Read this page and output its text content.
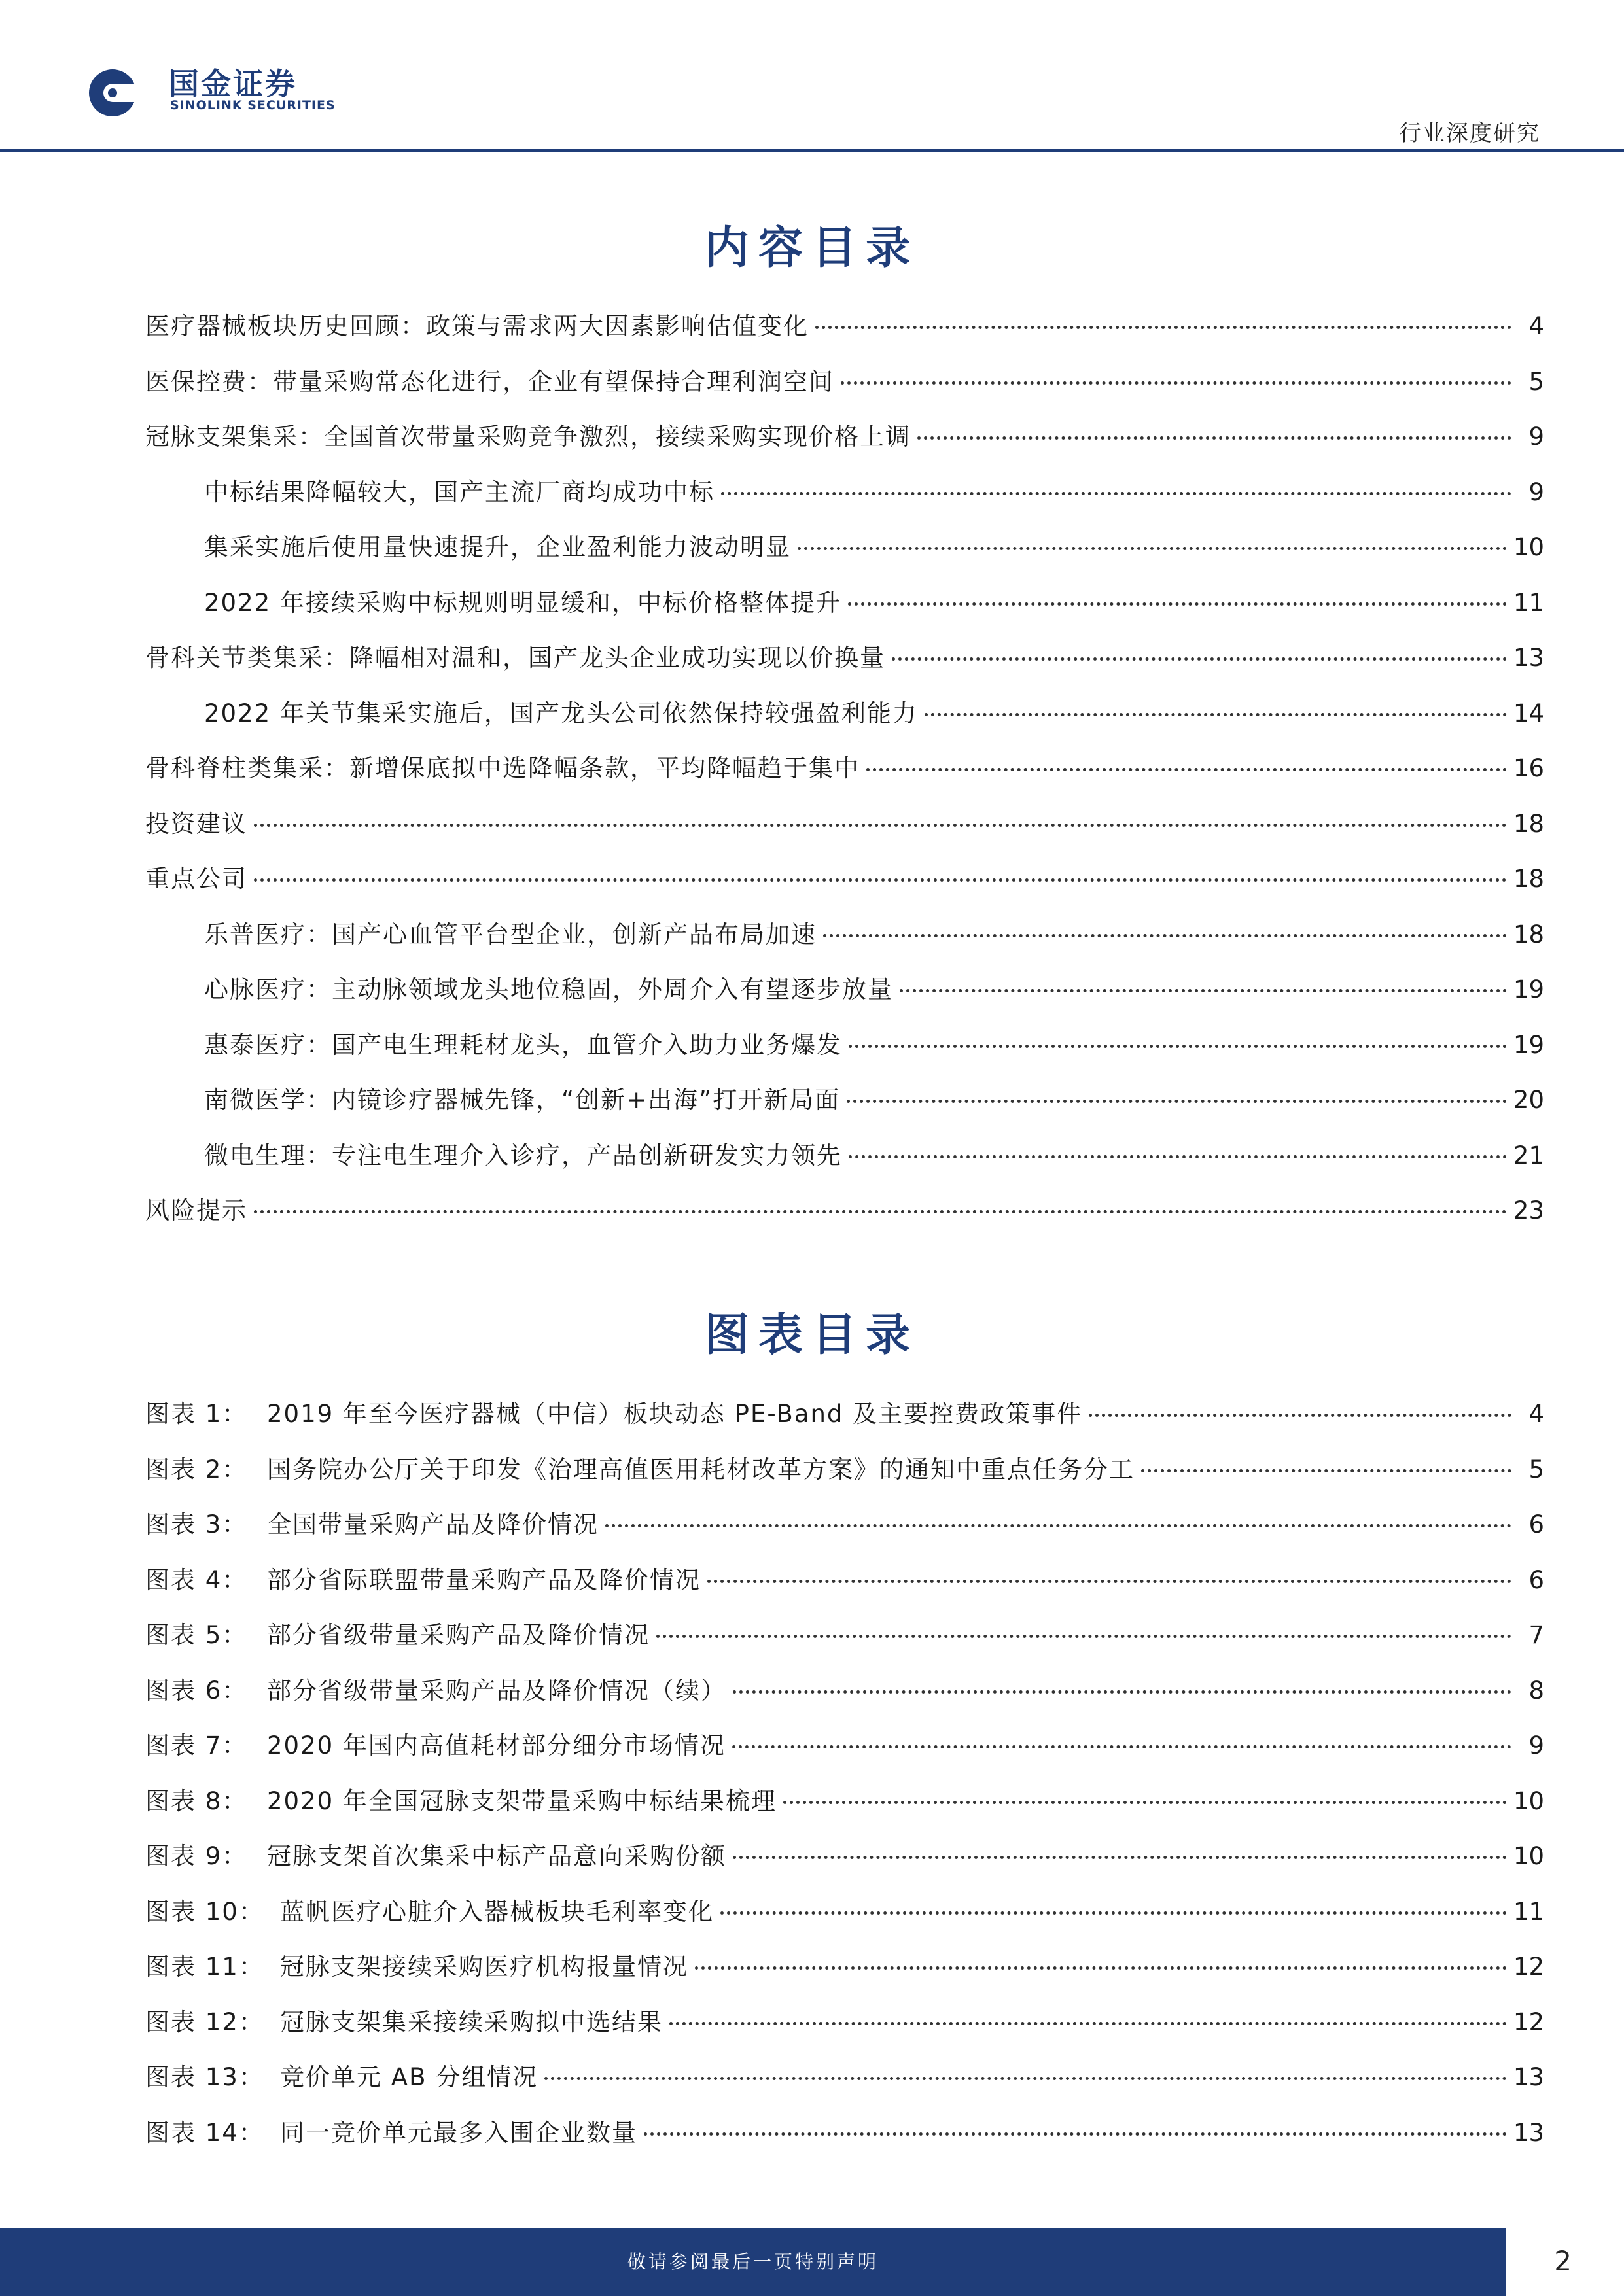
国金证券
SINOLINK SECURITIES
行业深度研究
内容目录
医疗器械板块历史回顾：政策与需求两大因素影响估值变化	4
医保控费：带量采购常态化进行，企业有望保持合理利润空间	5
冠脉支架集采：全国首次带量采购竞争激烈，接续采购实现价格上调	9
中标结果降幅较大，国产主流厂商均成功中标	9
集采实施后使用量快速提升，企业盈利能力波动明显	10
2022 年接续采购中标规则明显缓和，中标价格整体提升	11
骨科关节类集采：降幅相对温和，国产龙头企业成功实现以价换量	13
2022 年关节集采实施后，国产龙头公司依然保持较强盈利能力	14
骨科脊柱类集采：新增保底拟中选降幅条款，平均降幅趋于集中	16
投资建议	18
重点公司	18
乐普医疗：国产心血管平台型企业，创新产品布局加速	18
心脉医疗：主动脉领域龙头地位稳固，外周介入有望逐步放量	19
惠泰医疗：国产电生理耗材龙头，血管介入助力业务爆发	19
南微医学：内镜诊疗器械先锋，“创新+出海”打开新局面	20
微电生理：专注电生理介入诊疗，产品创新研发实力领先	21
风险提示	23
图表目录
图表 1： 2019 年至今医疗器械（中信）板块动态 PE-Band 及主要控费政策事件	4
图表 2： 国务院办公厅关于印发《治理高值医用耗材改革方案》的通知中重点任务分工	5
图表 3： 全国带量采购产品及降价情况	6
图表 4： 部分省际联盟带量采购产品及降价情况	6
图表 5： 部分省级带量采购产品及降价情况	7
图表 6： 部分省级带量采购产品及降价情况（续）	8
图表 7： 2020 年国内高值耗材部分细分市场情况	9
图表 8： 2020 年全国冠脉支架带量采购中标结果梳理	10
图表 9： 冠脉支架首次集采中标产品意向采购份额	10
图表 10： 蓝帆医疗心脏介入器械板块毛利率变化	11
图表 11： 冠脉支架接续采购医疗机构报量情况	12
图表 12： 冠脉支架集采接续采购拟中选结果	12
图表 13： 竞价单元 AB 分组情况	13
图表 14： 同一竞价单元最多入围企业数量	13
敬请参阅最后一页特别声明	2
